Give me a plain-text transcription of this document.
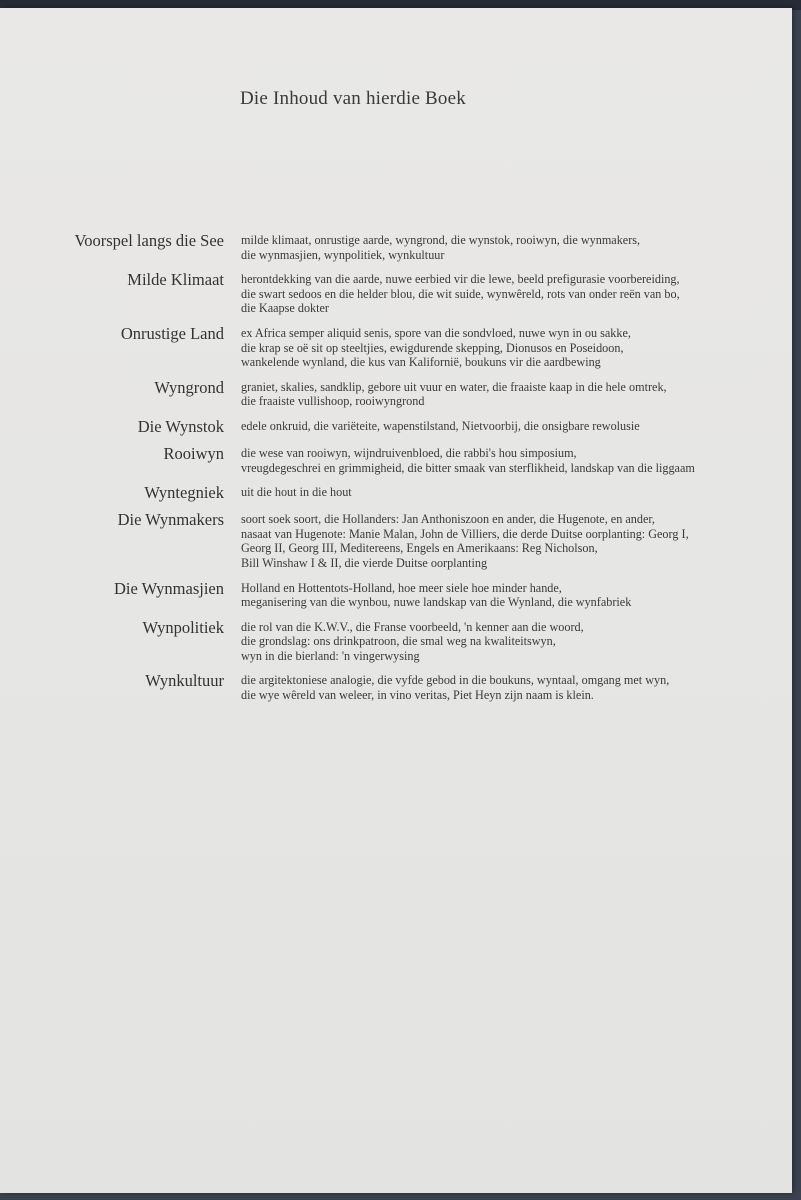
Die Inhoud van hierdie Boek
Voorspel langs die See milde klimaat, onrustige aarde, wyngrond, die wynstok, rooiwyn, die wynmakers,
die wynmasjien, wynpolitiek, wynkultuur
Milde Klimaat herontdekking van die aarde, nuwe eerbied vir die lewe, beeld prefigurasie voorbereiding,
die swart sedoos en die helder blou, die wit suide, wynwêreld, rots van onder reën van bo,
die Kaapse dokter
Onrustige Land ex Africa semper aliquid senis, spore van die sondvloed, nuwe wyn in ou sakke,
die krap se oë sit op steeltjies, ewigdurende skepping, Dionusos en Poseidoon,
wankelende wynland, die kus van Kalifornië, boukuns vir die aardbewing
Wyngrond graniet, skalies, sandklip, gebore uit vuur en water, die fraaiste kaap in die hele omtrek,
die fraaiste vullishoop, rooiwyngrond
Die Wynstok edele onkruid, die variëteite, wapenstilstand, Nietvoorbij, die onsigbare rewolusie
Rooiwyn die wese van rooiwyn, wijndruivenbloed, die rabbi's hou simposium,
vreugdegeschrei en grimmigheid, die bitter smaak van sterflikheid, landskap van die liggaam
Wyntegniek uit die hout in die hout
Die Wynmakers soort soek soort, die Hollanders: Jan Anthoniszoon en ander, die Hugenote, en ander,
nasaat van Hugenote: Manie Malan, John de Villiers, die derde Duitse oorplanting: Georg I,
Georg II, Georg III, Meditereens, Engels en Amerikaans: Reg Nicholson,
Bill Winshaw I & II, die vierde Duitse oorplanting
Die Wynmasjien Holland en Hottentots-Holland, hoe meer siele hoe minder hande,
meganisering van die wynbou, nuwe landskap van die Wynland, die wynfabriek
Wynpolitiek die rol van die K.W.V., die Franse voorbeeld, 'n kenner aan die woord,
die grondslag: ons drinkpatroon, die smal weg na kwaliteitswyn,
wyn in die bierland: 'n vingerwysing
Wynkultuur die argitektoniese analogie, die vyfde gebod in die boukuns, wyntaal, omgang met wyn,
die wye wêreld van weleer, in vino veritas, Piet Heyn zijn naam is klein.
